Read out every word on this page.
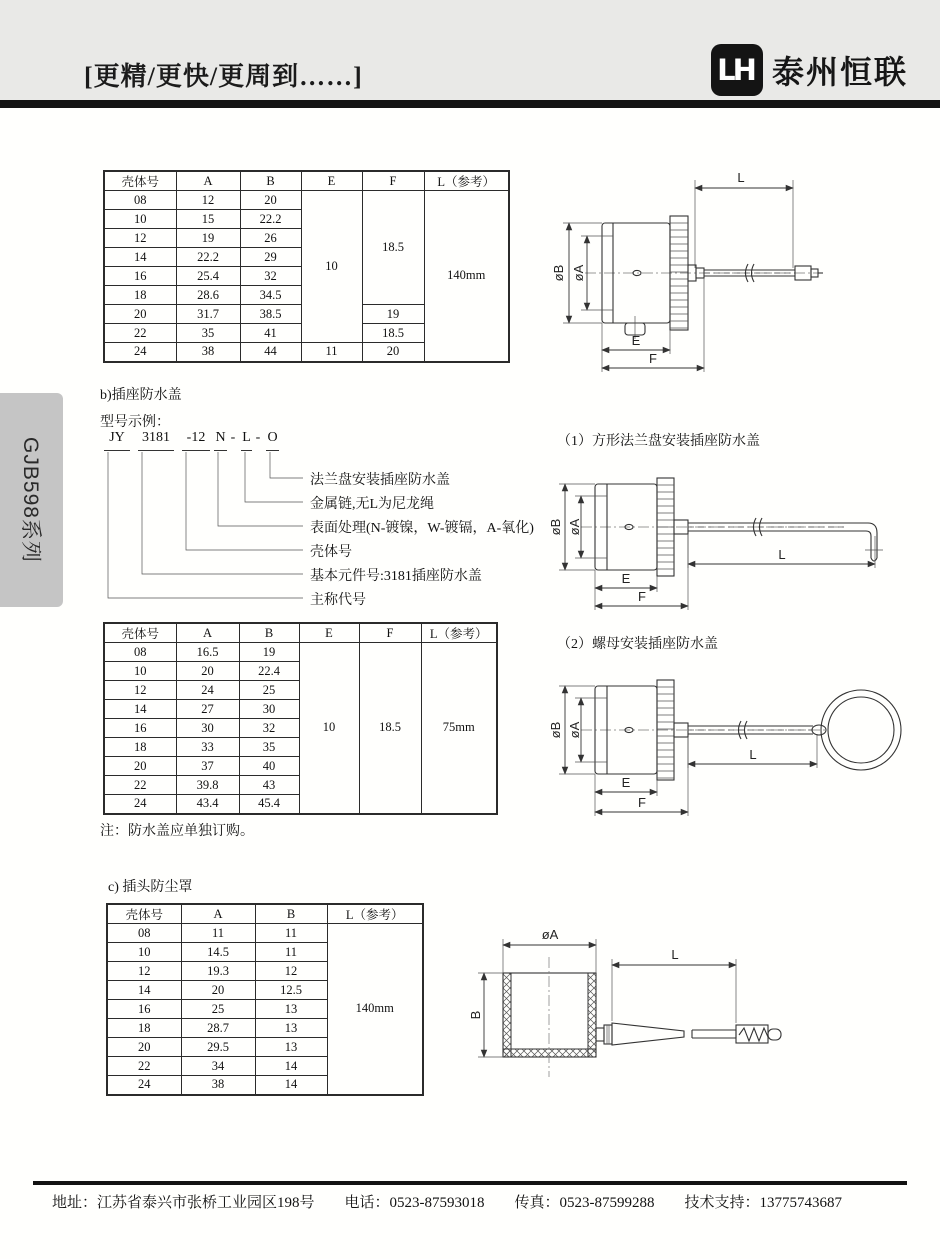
[更精/更快/更周到……]	LH 泰州恒联
GJB598系列
壳体号	A	B	E	F	L（参考）
08	12	20	10	18.5	140mm
10	15	22.2			
12	19	26			
14	22.2	29			
16	25.4	32			
18	28.6	34.5			
20	31.7	38.5		19	
22	35	41		18.5	
24	38	44	11	20	
L
øB øA
E
F
b)插座防水盖
型号示例：
JY	3181	-12 N - L - O
法兰盘安装插座防水盖
金属链,无L为尼龙绳
表面处理(N-镀镍，W-镀镉，A-氧化)
壳体号
基本元件号:3181插座防水盖
主称代号
（1）方形法兰盘安装插座防水盖
øB øA
L
E
F
壳体号	A	B	E	F	L（参考）
08	16.5	19	10	18.5	75mm
10	20	22.4			
12	24	25			
14	27	30			
16	30	32			
18	33	35			
20	37	40			
22	39.8	43			
24	43.4	45.4			
注：防水盖应单独订购。
（2）螺母安装插座防水盖
øB øA
L
E
F
c) 插头防尘罩
壳体号	A	B	L（参考）
08	11	11	140mm
10	14.5	11	
12	19.3	12	
14	20	12.5	
16	25	13	
18	28.7	13	
20	29.5	13	
22	34	14	
24	38	14	
øA
B
L
地址：江苏省泰兴市张桥工业园区198号 电话：0523-87593018 传真：0523-87599288 技术支持：13775743687
